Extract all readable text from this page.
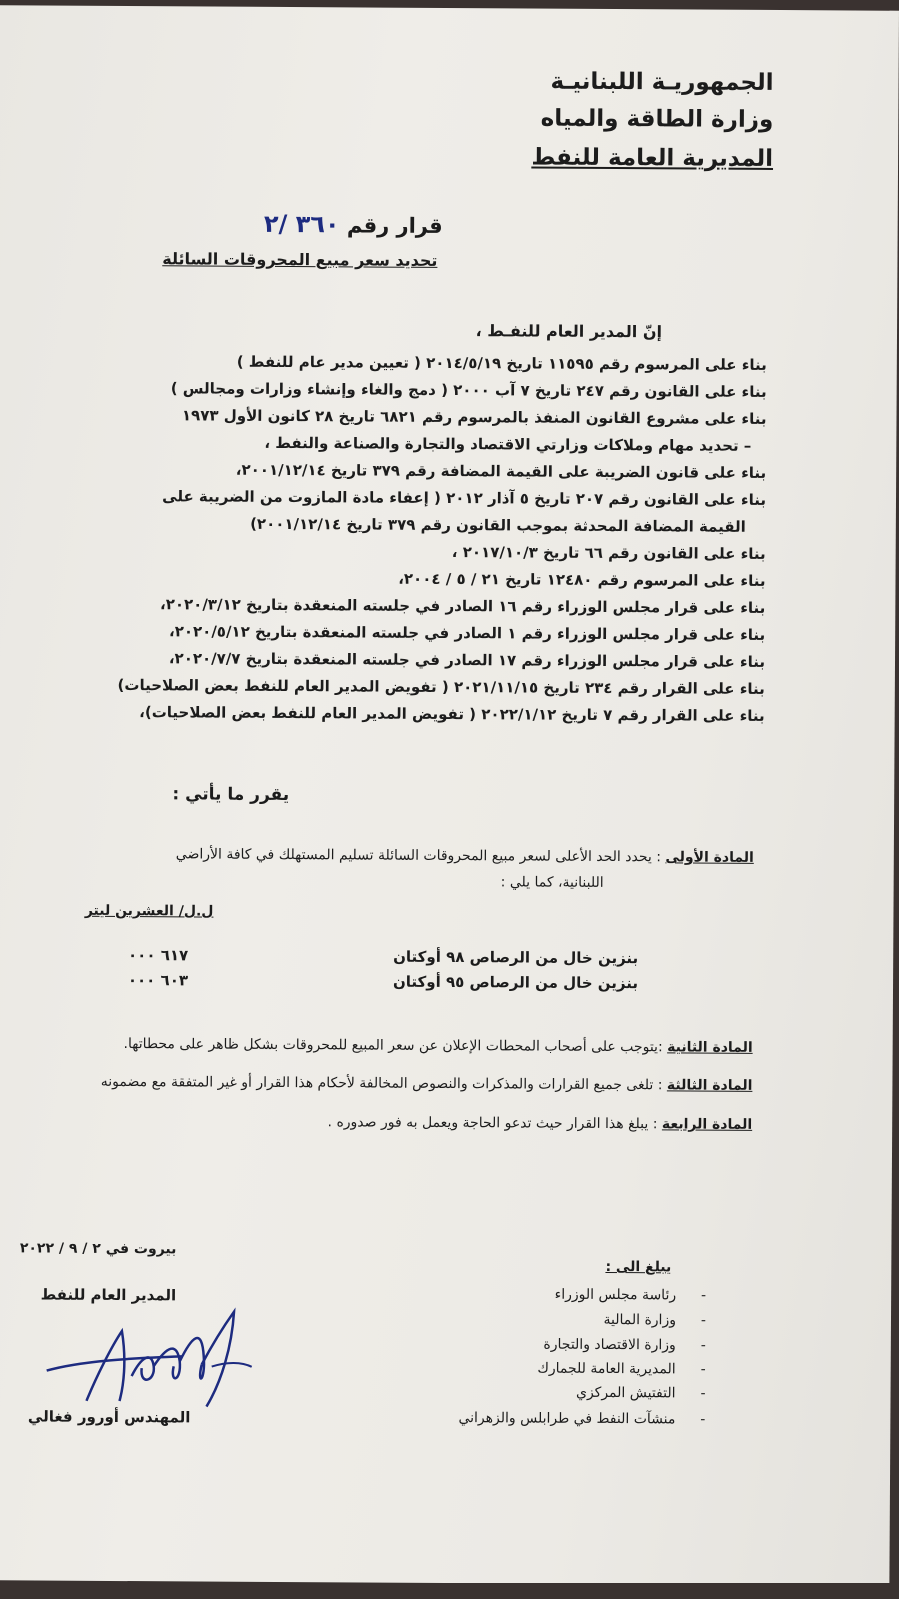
الجمهوريـة اللبنانيـة
وزارة الطاقة والمياه
المديرية العامة للنفط
قرار رقم ٣٦٠ /٢
تحديد سعر مبيع المحروقات السائلة
إنّ المدير العام للنفـط ،
بناء على المرسوم رقم ١١٥٩٥ تاريخ ٢٠١٤/٥/١٩ ( تعيين مدير عام للنفط )
بناء على القانون رقم ٢٤٧ تاريخ ٧ آب ٢٠٠٠ ( دمج والغاء وإنشاء وزارات ومجالس )
بناء على مشروع القانون المنفذ بالمرسوم رقم ٦٨٢١ تاريخ ٢٨ كانون الأول ١٩٧٣
– تحديد مهام وملاكات وزارتي الاقتصاد والتجارة والصناعة والنفط ،
بناء على قانون الضريبة على القيمة المضافة رقم ٣٧٩ تاريخ ٢٠٠١/١٢/١٤،
بناء على القانون رقم ٢٠٧ تاريخ ٥ آذار ٢٠١٢ ( إعفاء مادة المازوت من الضريبة على
القيمة المضافة المحدثة بموجب القانون رقم ٣٧٩ تاريخ ٢٠٠١/١٢/١٤)
بناء على القانون رقم ٦٦ تاريخ ٢٠١٧/١٠/٣ ،
بناء على المرسوم رقم ١٢٤٨٠ تاريخ ٢١ / ٥ / ٢٠٠٤،
بناء على قرار مجلس الوزراء رقم ١٦ الصادر في جلسته المنعقدة بتاريخ ٢٠٢٠/٣/١٢،
بناء على قرار مجلس الوزراء رقم ١ الصادر في جلسته المنعقدة بتاريخ ٢٠٢٠/٥/١٢،
بناء على قرار مجلس الوزراء رقم ١٧ الصادر في جلسته المنعقدة بتاريخ ٢٠٢٠/٧/٧،
بناء على القرار رقم ٢٣٤ تاريخ ٢٠٢١/١١/١٥ ( تفويض المدير العام للنفط بعض الصلاحيات)
بناء على القرار رقم ٧ تاريخ ٢٠٢٢/١/١٢ ( تفويض المدير العام للنفط بعض الصلاحيات)،
يقرر ما يأتي :
المادة الأولى : يحدد الحد الأعلى لسعر مبيع المحروقات السائلة تسليم المستهلك في كافة الأراضي
اللبنانية، كما يلي :
ل.ل/ العشرين ليتر
بنزين خال من الرصاص ٩٨ أوكتان
٦١٧ ٠٠٠
بنزين خال من الرصاص ٩٥ أوكتان
٦٠٣ ٠٠٠
المادة الثانية :يتوجب على أصحاب المحطات الإعلان عن سعر المبيع للمحروقات بشكل ظاهر على محطاتها.
المادة الثالثة : تلغى جميع القرارات والمذكرات والنصوص المخالفة لأحكام هذا القرار أو غير المتفقة مع مضمونه
المادة الرابعة : يبلغ هذا القرار حيث تدعو الحاجة ويعمل به فور صدوره .
بيروت في ٢ / ٩ / ٢٠٢٢
المدير العام للنفط
المهندس أورور فغالي
يبلغ الى :
-
رئاسة مجلس الوزراء
-
وزارة المالية
-
وزارة الاقتصاد والتجارة
-
المديرية العامة للجمارك
-
التفتيش المركزي
-
منشآت النفط في طرابلس والزهراني
